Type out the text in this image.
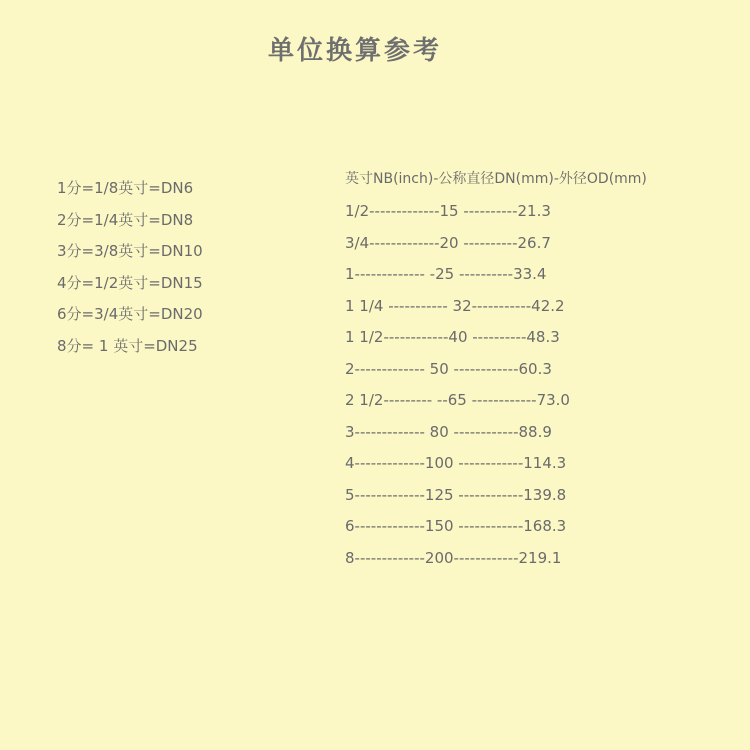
单位换算参考
1分=1/8英寸=DN6
2分=1/4英寸=DN8
3分=3/8英寸=DN10
4分=1/2英寸=DN15
6分=3/4英寸=DN20
8分= 1 英寸=DN25
英寸NB(inch)-公称直径DN(mm)-外径OD(mm)
1/2-------------15 ----------21.3
3/4-------------20 ----------26.7
1------------- -25 ----------33.4
1 1/4 ----------- 32-----------42.2
1 1/2------------40 ----------48.3
2------------- 50 ------------60.3
2 1/2--------- --65 ------------73.0
3------------- 80 ------------88.9
4-------------100 ------------114.3
5-------------125 ------------139.8
6-------------150 ------------168.3
8-------------200------------219.1
